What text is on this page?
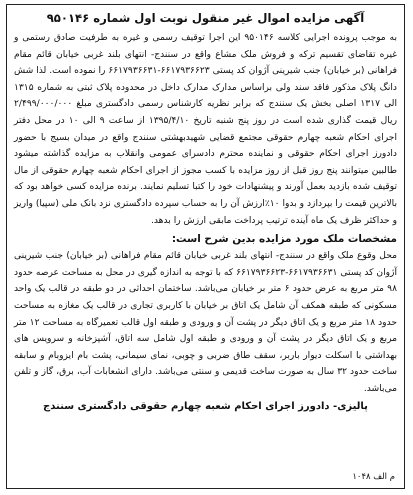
آگهی مزایده اموال غیر منقول نوبت اول شماره ۹۵۰۱۴۶

به موجب پرونده اجرایی کلاسه ۹۵۰۱۴۶ این اجرا توقیف رسمی و غیره به طرفیت صادق رستمی و غیره تقاضای تقسیم ترکه و فروش ملک مشاع واقع در سنندج- انتهای بلند غربی خیابان قائم مقام فراهانی (بر خیابان) جنب شیرینی آژوان کد پستی ۶۶۱۷۹۳۶۶۲۳-۶۶۱۷۹۳۶۶۳۱ را نموده است. لذا شش دانگ پلاک مذکور فاقد سند ولی براساس مدارک مدارک داخل در محدوده پلاک ثبتی به شماره ۱۳۱۵ الی ۱۳۱۷ اصلی بخش یک سنندج که برابر نظریه کارشناس رسمی دادگستری مبلغ ۲/۴۹۹/۰۰۰/۰۰۰ ریال قیمت گذاری شده است در روز پنج شنبه تاریخ ۱۳۹۵/۴/۱۰ از ساعت ۹ الی ۱۰ در محل دفتر اجرای احکام شعبه چهارم حقوقی مجتمع قضایی شهیدبهشتی سنندج واقع در میدان بسیج با حضور دادورز اجرای احکام حقوقی و نماینده محترم دادسرای عمومی وانقلاب به مزایده گذاشته میشود طالبین میتوانند پنج روز قبل از روز مزایده با کسب مجوز از اجرای احکام شعبه چهارم حقوقی از مال توقیف شده بازدید بعمل آورند و پیشنهادات خود را کتبا تسلیم نمایند. برنده مزایده کسی خواهد بود که بالاترین قیمت را بپردازد و بدوا ۱۰٪ارزش آن را به حساب سپرده دادگستری نزد بانک ملی (سپیا) واریز و حداکثر ظرف یک ماه آینده ترتیب پرداخت مابقی ارزش را بدهد.

مشخصات ملک مورد مزایده بدین شرح است:

محل وقوع ملک واقع در سنندج- انتهای بلند غربی خیابان قائم مقام فراهانی (بر خیابان) جنب شیرینی آژوان کد پستی ۶۶۱۷۹۳۶۶۳۱-۶۶۱۷۹۳۶۶۲۳ که با توجه به اندازه گیری در محل به مساحت عرصه حدود ۹۸ متر مربع به عرض حدود ۶ متر بر خیابان می‌باشد. ساختمان احداثی در دو طبقه در قالب یک واحد مسکونی که طبقه همکف آن شامل یک اتاق بر خیابان با کاربری تجاری در قالب یک مغازه به مساحت حدود ۱۸ متر مربع و یک اتاق دیگر در پشت آن و ورودی و طبقه اول قالب تعمیرگاه به مساحت ۱۲ متر مربع و یک اتاق دیگر در پشت آن و ورودی و طبقه اول شامل سه اتاق، آشپزخانه و سرویس های بهداشتی با اسکلت دیوار باربر، سقف طاق ضربی و چوبی، نمای سیمانی، پشت بام ایزوبام و سابقه ساخت حدود ۳۲ سال به صورت ساخت قدیمی و سنتی می‌باشد. دارای انشعابات آب، برق، گاز و تلفن می‌باشد.

پالیزی- دادورز اجرای احکام شعبه چهارم حقوقی دادگستری سنندج
م الف ۱۰۴۸
